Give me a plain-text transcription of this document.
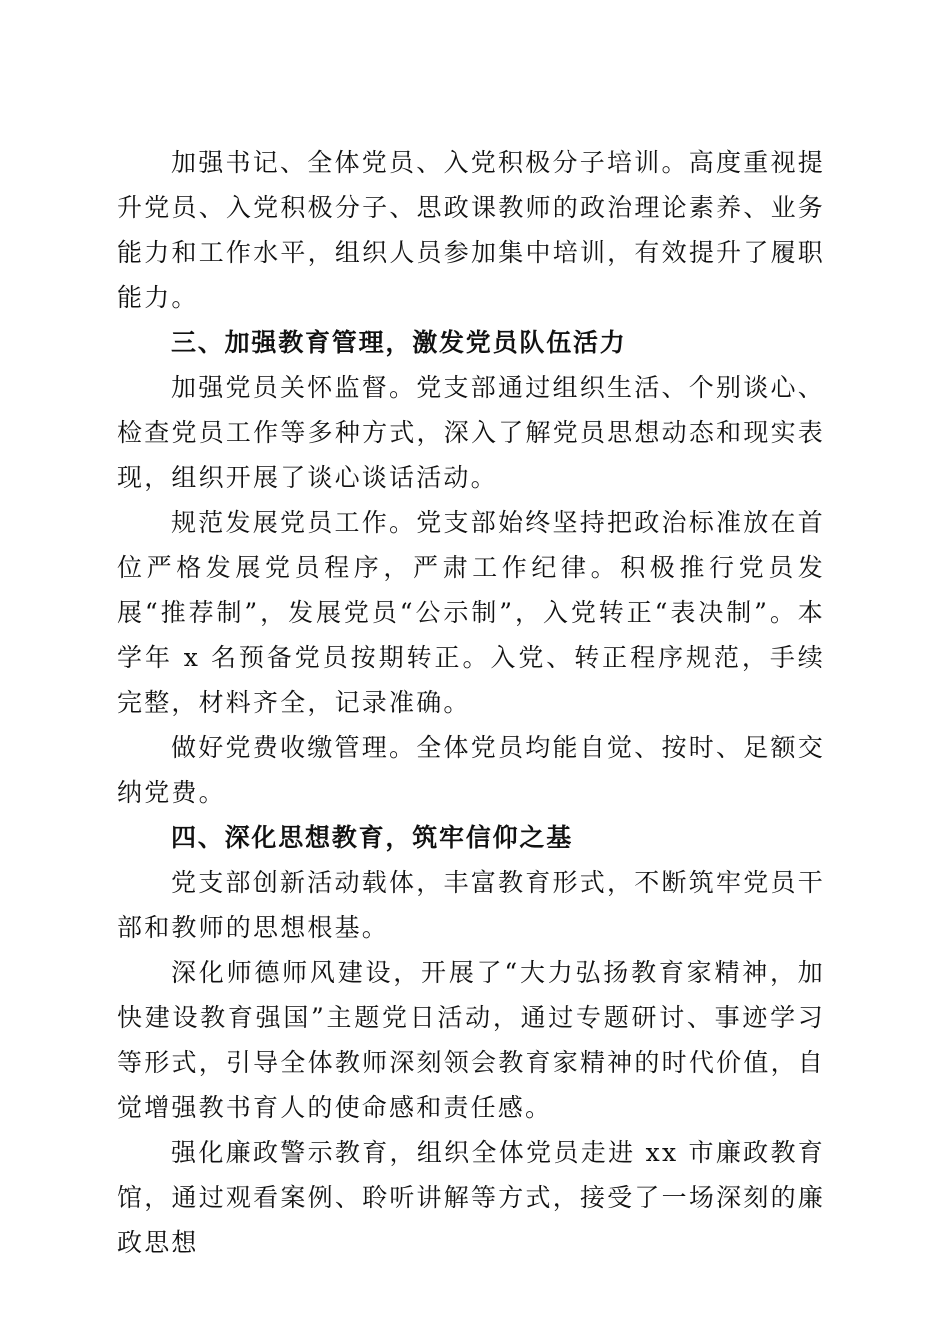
加强书记、全体党员、入党积极分子培训。高度重视提升党员、入党积极分子、思政课教师的政治理论素养、业务能力和工作水平，组织人员参加集中培训，有效提升了履职能力。

三、加强教育管理，激发党员队伍活力

加强党员关怀监督。党支部通过组织生活、个别谈心、检查党员工作等多种方式，深入了解党员思想动态和现实表现，组织开展了谈心谈话活动。

规范发展党员工作。党支部始终坚持把政治标准放在首位严格发展党员程序，严肃工作纪律。积极推行党员发展“推荐制”，发展党员“公示制”，入党转正“表决制”。本学年 x 名预备党员按期转正。入党、转正程序规范，手续完整，材料齐全，记录准确。

做好党费收缴管理。全体党员均能自觉、按时、足额交纳党费。

四、深化思想教育，筑牢信仰之基

党支部创新活动载体，丰富教育形式，不断筑牢党员干部和教师的思想根基。

深化师德师风建设，开展了“大力弘扬教育家精神，加快建设教育强国”主题党日活动，通过专题研讨、事迹学习等形式，引导全体教师深刻领会教育家精神的时代价值，自觉增强教书育人的使命感和责任感。

强化廉政警示教育，组织全体党员走进 xx 市廉政教育馆，通过观看案例、聆听讲解等方式，接受了一场深刻的廉政思想
